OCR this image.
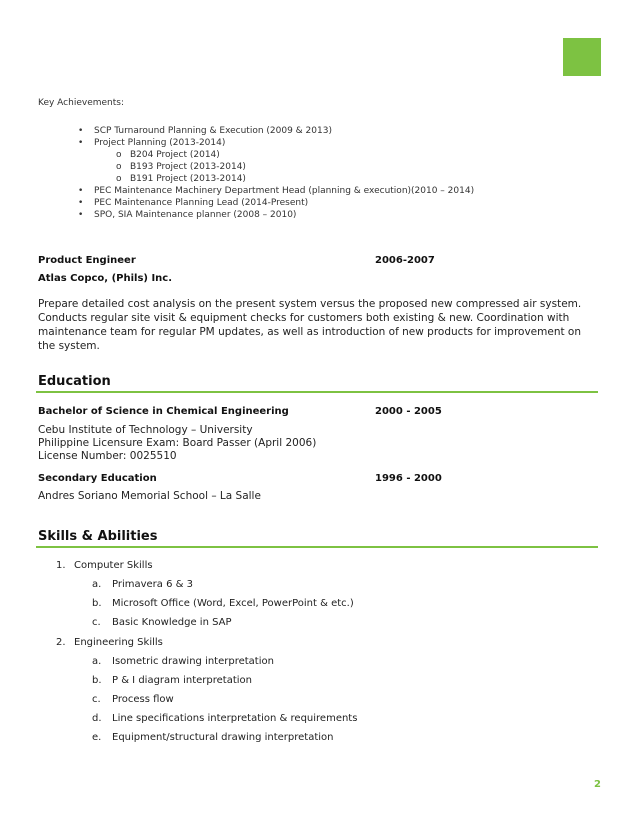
Key Achievements:
• SCP Turnaround Planning & Execution (2009 & 2013)
• Project Planning (2013-2014)
o B204 Project (2014)
o B193 Project (2013-2014)
o B191 Project (2013-2014)
• PEC Maintenance Machinery Department Head (planning & execution)(2010 – 2014)
• PEC Maintenance Planning Lead (2014-Present)
• SPO, SIA Maintenance planner (2008 – 2010)
Product Engineer	2006-2007
Atlas Copco, (Phils) Inc.
Prepare detailed cost analysis on the present system versus the proposed new compressed air system. Conducts regular site visit & equipment checks for customers both existing & new. Coordination with maintenance team for regular PM updates, as well as introduction of new products for improvement on the system.
Education
Bachelor of Science in Chemical Engineering	2000 - 2005
Cebu Institute of Technology – University
Philippine Licensure Exam: Board Passer (April 2006)
License Number: 0025510
Secondary Education	1996 - 2000
Andres Soriano Memorial School – La Salle
Skills & Abilities
1. Computer Skills
a. Primavera 6 & 3
b. Microsoft Office (Word, Excel, PowerPoint & etc.)
c. Basic Knowledge in SAP
2. Engineering Skills
a. Isometric drawing interpretation
b. P & I diagram interpretation
c. Process flow
d. Line specifications interpretation & requirements
e. Equipment/structural drawing interpretation
2
